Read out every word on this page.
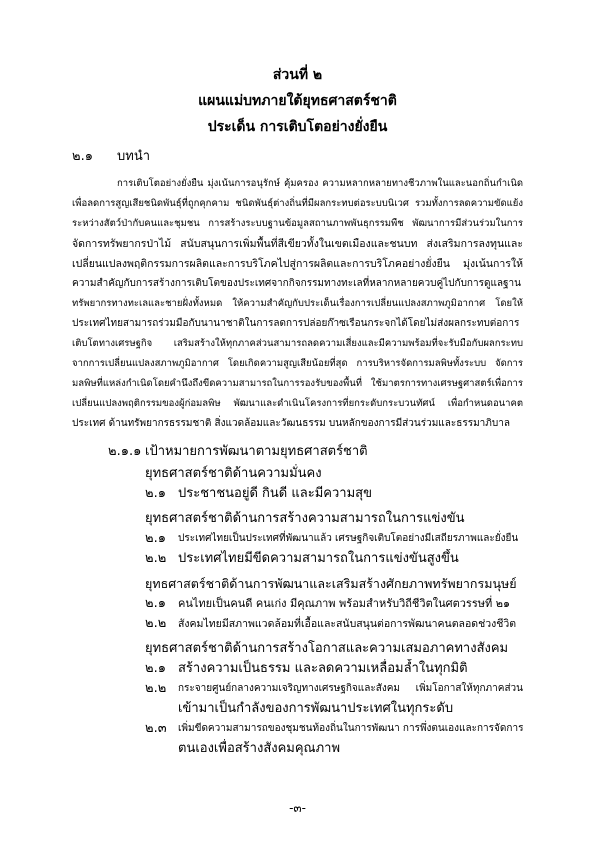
ส่วนที่ ๒
แผนแม่บทภายใต้ยุทธศาสตร์ชาติ
ประเด็น การเติบโตอย่างยั่งยืน
๒.๑	บทนำ
การเติบโตอย่างยั่งยืน มุ่งเน้นการอนุรักษ์ คุ้มครอง ความหลากหลายทางชีวภาพในและนอกถิ่นกำเนิด
เพื่อลดการสูญเสียชนิดพันธุ์ที่ถูกคุกคาม ชนิดพันธุ์ต่างถิ่นที่มีผลกระทบต่อระบบนิเวศ รวมทั้งการลดความขัดแย้ง
ระหว่างสัตว์ป่ากับคนและชุมชน การสร้างระบบฐานข้อมูลสถานภาพพันธุกรรมพืช พัฒนาการมีส่วนร่วมในการ
จัดการทรัพยากรป่าไม้ สนับสนุนการเพิ่มพื้นที่สีเขียวทั้งในเขตเมืองและชนบท ส่งเสริมการลงทุนและ
เปลี่ยนแปลงพฤติกรรมการผลิตและการบริโภคไปสู่การผลิตและการบริโภคอย่างยั่งยืน มุ่งเน้นการให้
ความสำคัญกับการสร้างการเติบโตของประเทศจากกิจกรรมทางทะเลที่หลากหลายควบคู่ไปกับการดูแลฐาน
ทรัพยากรทางทะเลและชายฝั่งทั้งหมด ให้ความสำคัญกับประเด็นเรื่องการเปลี่ยนแปลงสภาพภูมิอากาศ โดยให้
ประเทศไทยสามารถร่วมมือกับนานาชาติในการลดการปล่อยก๊าซเรือนกระจกได้โดยไม่ส่งผลกระทบต่อการ
เติบโตทางเศรษฐกิจ เสริมสร้างให้ทุกภาคส่วนสามารถลดความเสี่ยงและมีความพร้อมที่จะรับมือกับผลกระทบ
จากการเปลี่ยนแปลงสภาพภูมิอากาศ โดยเกิดความสูญเสียน้อยที่สุด การบริหารจัดการมลพิษทั้งระบบ จัดการ
มลพิษที่แหล่งกำเนิดโดยคำนึงถึงขีดความสามารถในการรองรับของพื้นที่ ใช้มาตรการทางเศรษฐศาสตร์เพื่อการ
เปลี่ยนแปลงพฤติกรรมของผู้ก่อมลพิษ พัฒนาและดำเนินโครงการที่ยกระดับกระบวนทัศน์ เพื่อกำหนดอนาคต
ประเทศ ด้านทรัพยากรธรรมชาติ สิ่งแวดล้อมและวัฒนธรรม บนหลักของการมีส่วนร่วมและธรรมาภิบาล
๒.๑.๑ เป้าหมายการพัฒนาตามยุทธศาสตร์ชาติ
ยุทธศาสตร์ชาติด้านความมั่นคง
๒.๑ ประชาชนอยู่ดี กินดี และมีความสุข
ยุทธศาสตร์ชาติด้านการสร้างความสามารถในการแข่งขัน
๒.๑	ประเทศไทยเป็นประเทศที่พัฒนาแล้ว เศรษฐกิจเติบโตอย่างมีเสถียรภาพและยั่งยืน
๒.๒ ประเทศไทยมีขีดความสามารถในการแข่งขันสูงขึ้น
ยุทธศาสตร์ชาติด้านการพัฒนาและเสริมสร้างศักยภาพทรัพยากรมนุษย์
๒.๑	คนไทยเป็นคนดี คนเก่ง มีคุณภาพ พร้อมสำหรับวิถีชีวิตในศตวรรษที่ ๒๑
๒.๒	สังคมไทยมีสภาพแวดล้อมที่เอื้อและสนับสนุนต่อการพัฒนาคนตลอดช่วงชีวิต
ยุทธศาสตร์ชาติด้านการสร้างโอกาสและความเสมอภาคทางสังคม
๒.๑ สร้างความเป็นธรรม และลดความเหลื่อมล้ำในทุกมิติ
๒.๒	กระจายศูนย์กลางความเจริญทางเศรษฐกิจและสังคม เพิ่มโอกาสให้ทุกภาคส่วน
เข้ามาเป็นกำลังของการพัฒนาประเทศในทุกระดับ
๒.๓	เพิ่มขีดความสามารถของชุมชนท้องถิ่นในการพัฒนา การพึ่งตนเองและการจัดการ
ตนเองเพื่อสร้างสังคมคุณภาพ
-๓-
